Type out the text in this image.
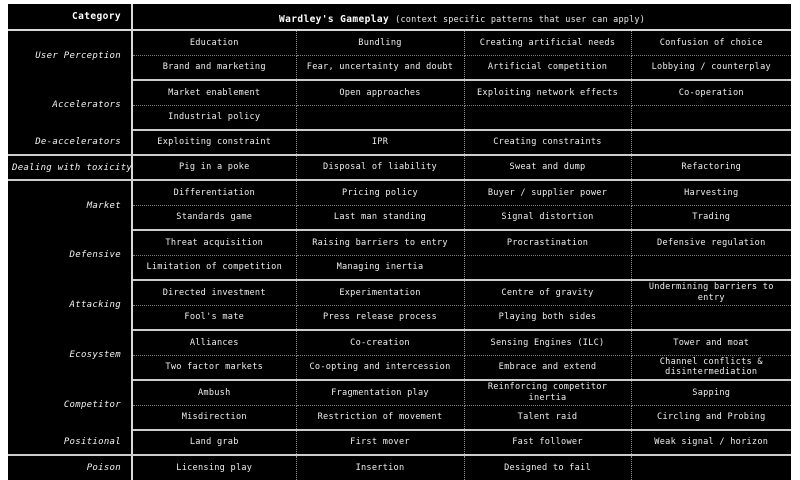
Category	Wardley's Gameplay (context specific patterns that user can apply)			
User Perception	Education	Bundling	Creating artificial needs	Confusion of choice
	Brand and marketing	Fear, uncertainty and doubt	Artificial competition	Lobbying / counterplay
Accelerators	Market enablement	Open approaches	Exploiting network effects	Co-operation
	Industrial policy			
De-accelerators	Exploiting constraint	IPR	Creating constraints	
Dealing with toxicity	Pig in a poke	Disposal of liability	Sweat and dump	Refactoring
Market	Differentiation	Pricing policy	Buyer / supplier power	Harvesting
	Standards game	Last man standing	Signal distortion	Trading
Defensive	Threat acquisition	Raising barriers to entry	Procrastination	Defensive regulation
	Limitation of competition	Managing inertia		
Attacking	Directed investment	Experimentation	Centre of gravity	Undermining barriers to entry
	Fool's mate	Press release process	Playing both sides	
Ecosystem	Alliances	Co-creation	Sensing Engines (ILC)	Tower and moat
	Two factor markets	Co-opting and intercession	Embrace and extend	Channel conflicts & disintermediation
Competitor	Ambush	Fragmentation play	Reinforcing competitor inertia	Sapping
	Misdirection	Restriction of movement	Talent raid	Circling and Probing
Positional	Land grab	First mover	Fast follower	Weak signal / horizon
Poison	Licensing play	Insertion	Designed to fail	
